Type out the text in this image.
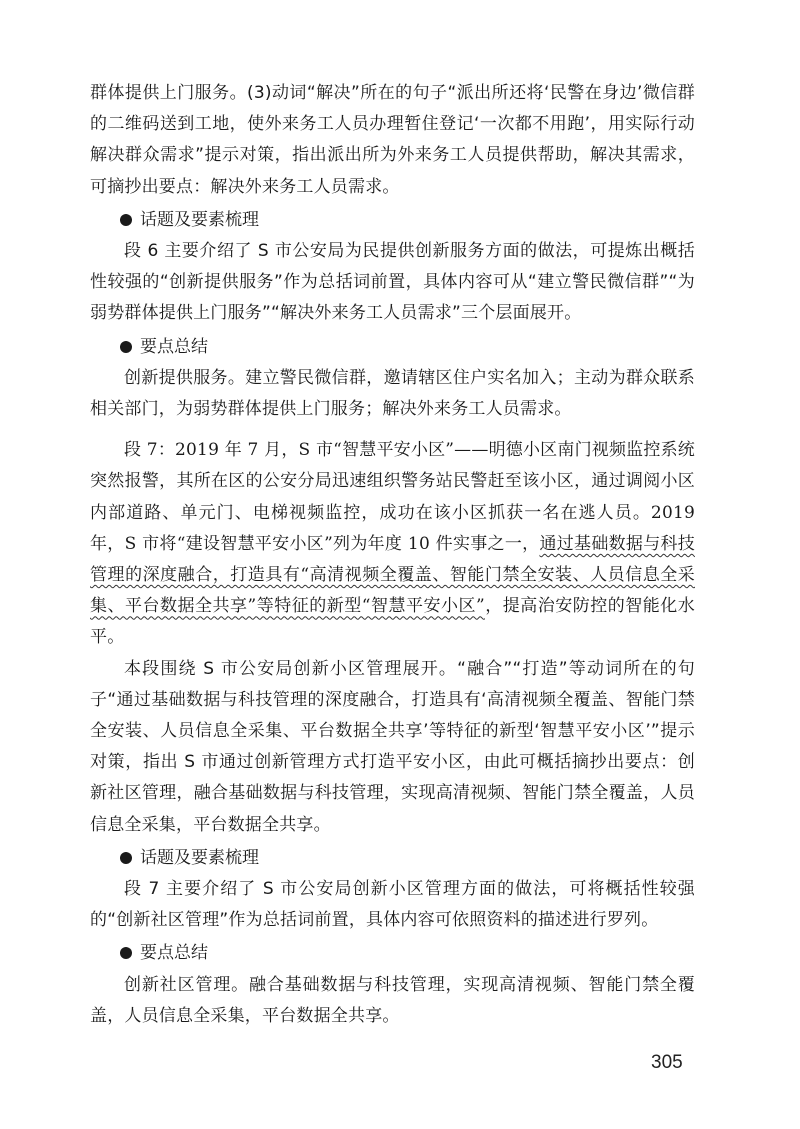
群体提供上门服务。(3)动词“解决”所在的句子“派出所还将‘民警在身边’微信群的二维码送到工地，使外来务工人员办理暂住登记‘一次都不用跑’，用实际行动解决群众需求”提示对策，指出派出所为外来务工人员提供帮助，解决其需求，可摘抄出要点：解决外来务工人员需求。

话题及要素梳理

段 6 主要介绍了 S 市公安局为民提供创新服务方面的做法，可提炼出概括性较强的“创新提供服务”作为总括词前置，具体内容可从“建立警民微信群”“为弱势群体提供上门服务”“解决外来务工人员需求”三个层面展开。

要点总结

创新提供服务。建立警民微信群，邀请辖区住户实名加入；主动为群众联系相关部门，为弱势群体提供上门服务；解决外来务工人员需求。

段 7：2019 年 7 月，S 市“智慧平安小区”——明德小区南门视频监控系统突然报警，其所在区的公安分局迅速组织警务站民警赶至该小区，通过调阅小区内部道路、单元门、电梯视频监控，成功在该小区抓获一名在逃人员。2019 年，S 市将“建设智慧平安小区”列为年度 10 件实事之一，通过基础数据与科技管理的深度融合，打造具有“高清视频全覆盖、智能门禁全安装、人员信息全采集、平台数据全共享”等特征的新型“智慧平安小区”，提高治安防控的智能化水平。

本段围绕 S 市公安局创新小区管理展开。“融合”“打造”等动词所在的句子“通过基础数据与科技管理的深度融合，打造具有‘高清视频全覆盖、智能门禁全安装、人员信息全采集、平台数据全共享’等特征的新型‘智慧平安小区’”提示对策，指出 S 市通过创新管理方式打造平安小区，由此可概括摘抄出要点：创新社区管理，融合基础数据与科技管理，实现高清视频、智能门禁全覆盖，人员信息全采集，平台数据全共享。

话题及要素梳理

段 7 主要介绍了 S 市公安局创新小区管理方面的做法，可将概括性较强的“创新社区管理”作为总括词前置，具体内容可依照资料的描述进行罗列。

要点总结

创新社区管理。融合基础数据与科技管理，实现高清视频、智能门禁全覆盖，人员信息全采集，平台数据全共享。

305
